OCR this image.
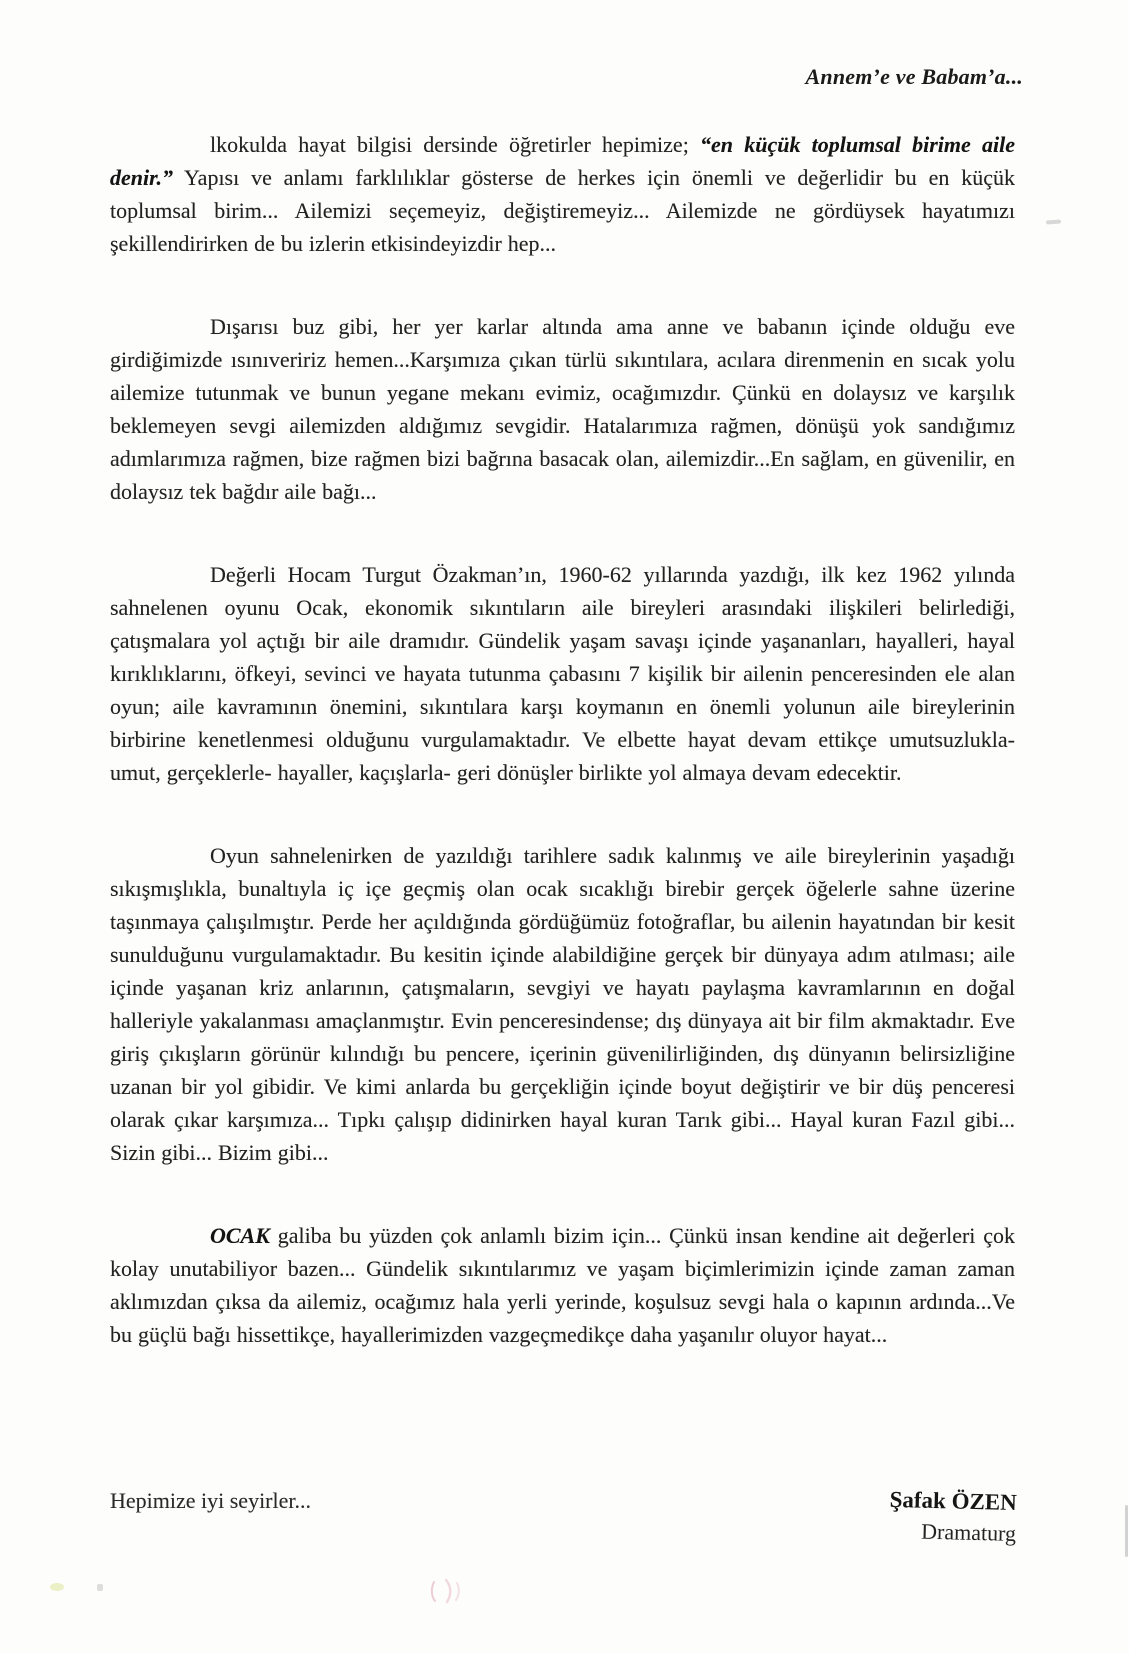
Annem’e ve Babam’a...

lkokulda hayat bilgisi dersinde öğretirler hepimize; “en küçük toplumsal birime aile denir.” Yapısı ve anlamı farklılıklar gösterse de herkes için önemli ve değerlidir bu en küçük toplumsal birim... Ailemizi seçemeyiz, değiştiremeyiz... Ailemizde ne gördüysek hayatımızı şekillendirirken de bu izlerin etkisindeyizdir hep...

Dışarısı buz gibi, her yer karlar altında ama anne ve babanın içinde olduğu eve girdiğimizde ısınıveririz hemen...Karşımıza çıkan türlü sıkıntılara, acılara direnmenin en sıcak yolu ailemize tutunmak ve bunun yegane mekanı evimiz, ocağımızdır. Çünkü en dolaysız ve karşılık beklemeyen sevgi ailemizden aldığımız sevgidir. Hatalarımıza rağmen, dönüşü yok sandığımız adımlarımıza rağmen, bize rağmen bizi bağrına basacak olan, ailemizdir...En sağlam, en güvenilir, en dolaysız tek bağdır aile bağı...

Değerli Hocam Turgut Özakman’ın, 1960-62 yıllarında yazdığı, ilk kez 1962 yılında sahnelenen oyunu Ocak, ekonomik sıkıntıların aile bireyleri arasındaki ilişkileri belirlediği, çatışmalara yol açtığı bir aile dramıdır. Gündelik yaşam savaşı içinde yaşananları, hayalleri, hayal kırıklıklarını, öfkeyi, sevinci ve hayata tutunma çabasını 7 kişilik bir ailenin penceresinden ele alan oyun; aile kavramının önemini, sıkıntılara karşı koymanın en önemli yolunun aile bireylerinin birbirine kenetlenmesi olduğunu vurgulamaktadır. Ve elbette hayat devam ettikçe umutsuzlukla- umut, gerçeklerle- hayaller, kaçışlarla- geri dönüşler birlikte yol almaya devam edecektir.

Oyun sahnelenirken de yazıldığı tarihlere sadık kalınmış ve aile bireylerinin yaşadığı sıkışmışlıkla, bunaltıyla iç içe geçmiş olan ocak sıcaklığı birebir gerçek öğelerle sahne üzerine taşınmaya çalışılmıştır. Perde her açıldığında gördüğümüz fotoğraflar, bu ailenin hayatından bir kesit sunulduğunu vurgulamaktadır. Bu kesitin içinde alabildiğine gerçek bir dünyaya adım atılması; aile içinde yaşanan kriz anlarının, çatışmaların, sevgiyi ve hayatı paylaşma kavramlarının en doğal halleriyle yakalanması amaçlanmıştır. Evin penceresindense; dış dünyaya ait bir film akmaktadır. Eve giriş çıkışların görünür kılındığı bu pencere, içerinin güvenilirliğinden, dış dünyanın belirsizliğine uzanan bir yol gibidir. Ve kimi anlarda bu gerçekliğin içinde boyut değiştirir ve bir düş penceresi olarak çıkar karşımıza... Tıpkı çalışıp didinirken hayal kuran Tarık gibi... Hayal kuran Fazıl gibi... Sizin gibi... Bizim gibi...

OCAK galiba bu yüzden çok anlamlı bizim için... Çünkü insan kendine ait değerleri çok kolay unutabiliyor bazen... Gündelik sıkıntılarımız ve yaşam biçimlerimizin içinde zaman zaman aklımızdan çıksa da ailemiz, ocağımız hala yerli yerinde, koşulsuz sevgi hala o kapının ardında...Ve bu güçlü bağı hissettikçe, hayallerimizden vazgeçmedikçe daha yaşanılır oluyor hayat...

Hepimize iyi seyirler...	Şafak ÖZEN
Dramaturg
